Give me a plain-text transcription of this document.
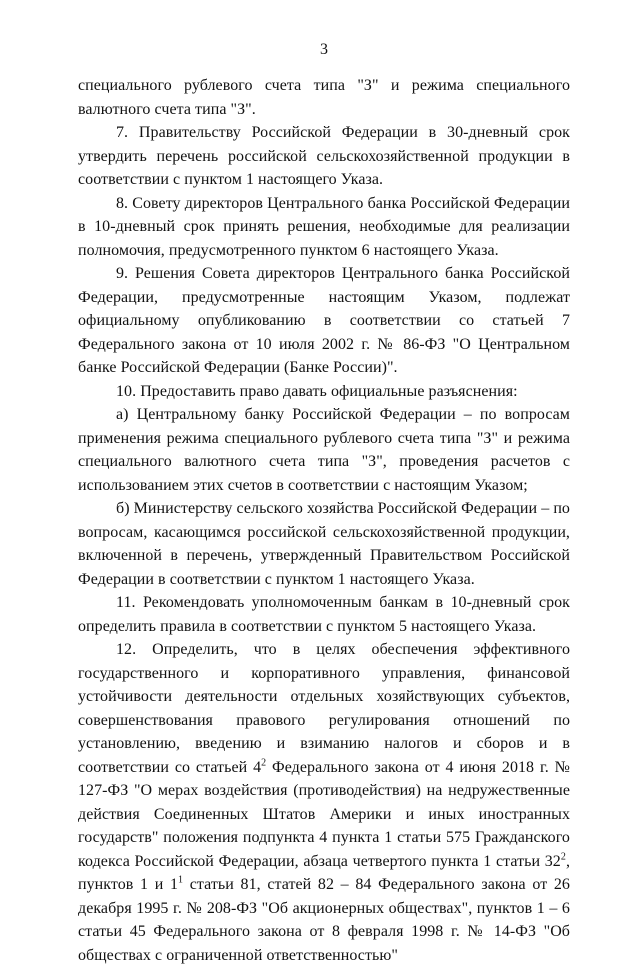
3

специального рублевого счета типа "З" и режима специального валютного счета типа "З".

7. Правительству Российской Федерации в 30-дневный срок утвердить перечень российской сельскохозяйственной продукции в соответствии с пунктом 1 настоящего Указа.

8. Совету директоров Центрального банка Российской Федерации в 10-дневный срок принять решения, необходимые для реализации полномочия, предусмотренного пунктом 6 настоящего Указа.

9. Решения Совета директоров Центрального банка Российской Федерации, предусмотренные настоящим Указом, подлежат официальному опубликованию в соответствии со статьей 7 Федерального закона от 10 июля 2002 г. № 86-ФЗ "О Центральном банке Российской Федерации (Банке России)".

10. Предоставить право давать официальные разъяснения:

а) Центральному банку Российской Федерации – по вопросам применения режима специального рублевого счета типа "З" и режима специального валютного счета типа "З", проведения расчетов с использованием этих счетов в соответствии с настоящим Указом;

б) Министерству сельского хозяйства Российской Федерации – по вопросам, касающимся российской сельскохозяйственной продукции, включенной в перечень, утвержденный Правительством Российской Федерации в соответствии с пунктом 1 настоящего Указа.

11. Рекомендовать уполномоченным банкам в 10-дневный срок определить правила в соответствии с пунктом 5 настоящего Указа.

12. Определить, что в целях обеспечения эффективного государственного и корпоративного управления, финансовой устойчивости деятельности отдельных хозяйствующих субъектов, совершенствования правового регулирования отношений по установлению, введению и взиманию налогов и сборов и в соответствии со статьей $4^2$ Федерального закона от 4 июня 2018 г. № 127-ФЗ "О мерах воздействия (противодействия) на недружественные действия Соединенных Штатов Америки и иных иностранных государств" положения подпункта 4 пункта 1 статьи 575 Гражданского кодекса Российской Федерации, абзаца четвертого пункта 1 статьи $32^2$, пунктов 1 и $1^1$ статьи 81, статей 82 – 84 Федерального закона от 26 декабря 1995 г. № 208-ФЗ "Об акционерных обществах", пунктов 1 – 6 статьи 45 Федерального закона от 8 февраля 1998 г. № 14-ФЗ "Об обществах с ограниченной ответственностью"
